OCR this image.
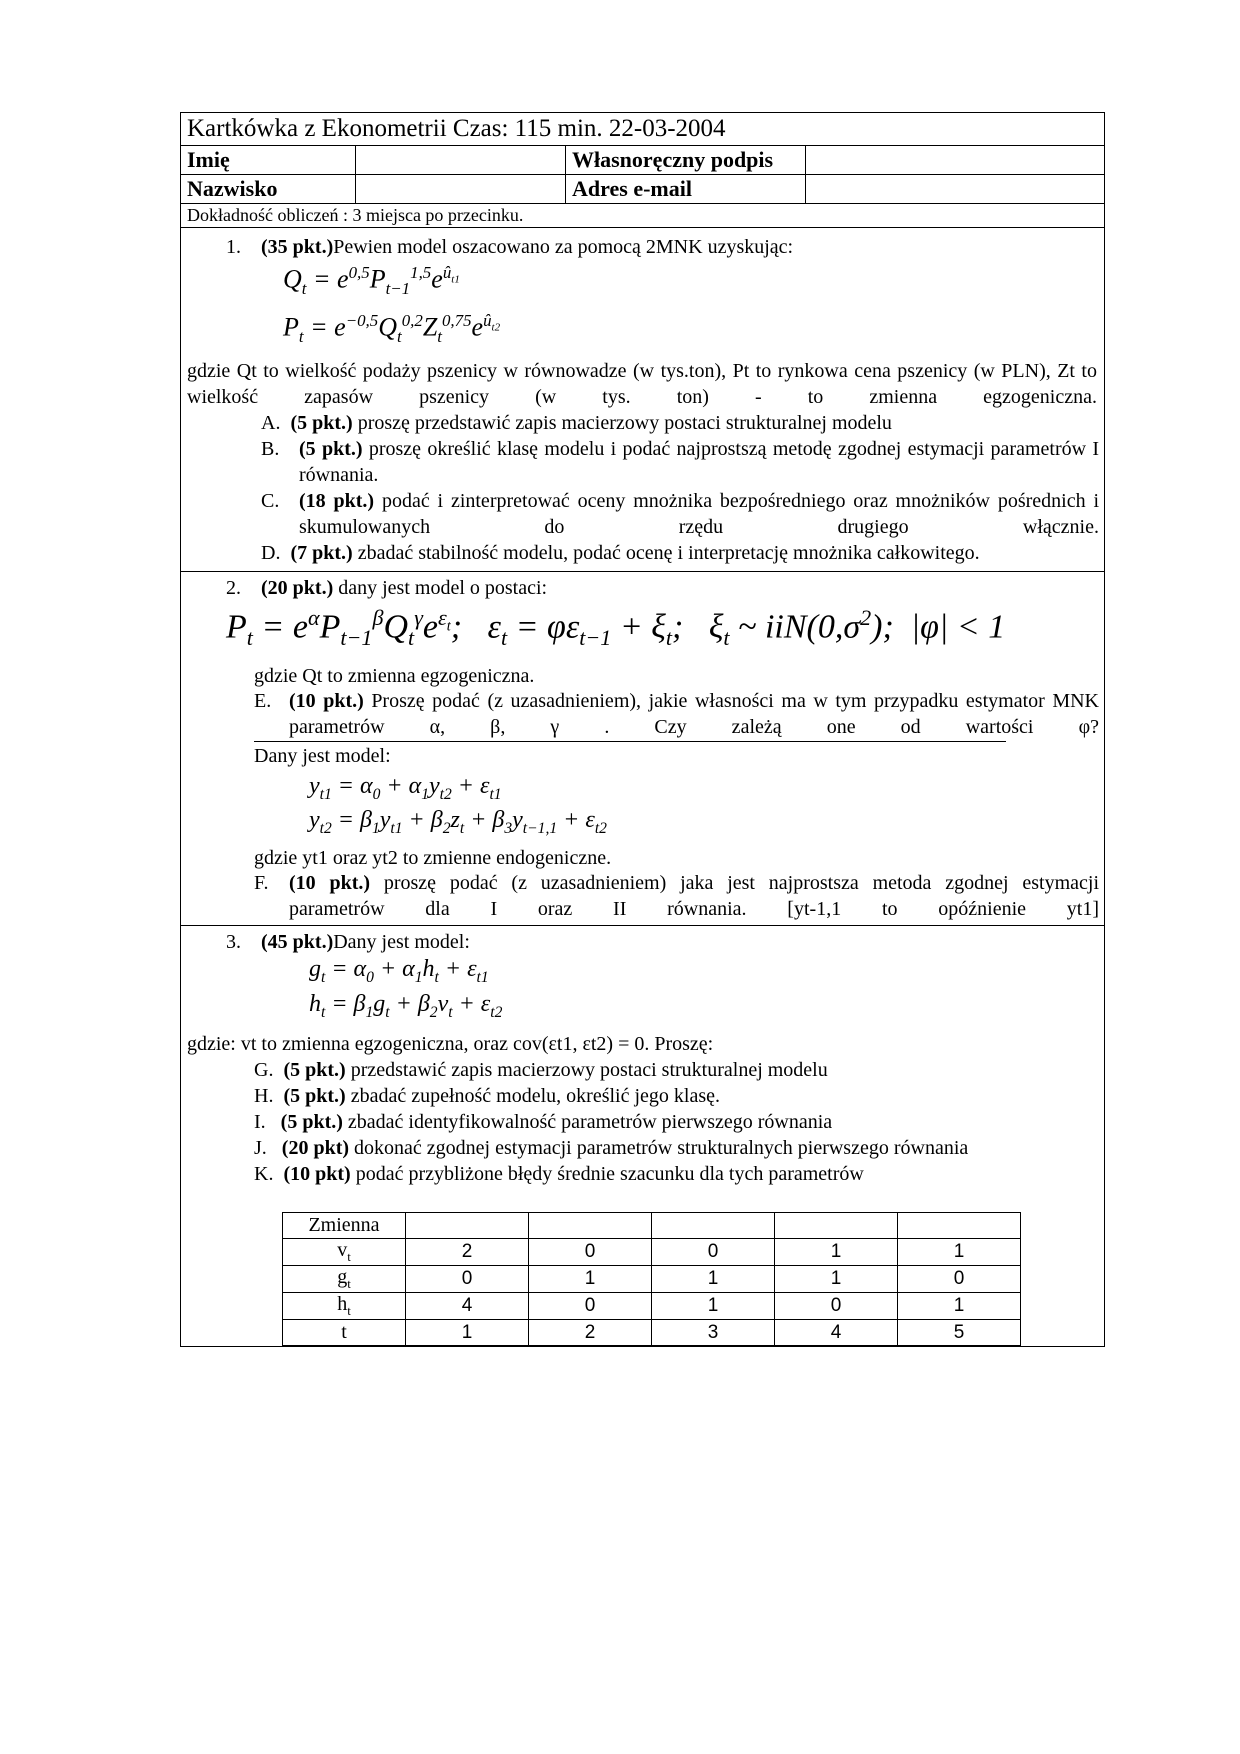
Kartkówka z Ekonometrii Czas: 115 min. 22-03-2004
Imię	Własnoręczny podpis
Nazwisko	Adres e-mail
Dokładność obliczeń : 3 miejsca po przecinku.
1. (35 pkt.)Pewien model oszacowano za pomocą 2MNK uzyskując:
$Q_t = e^{0,5}P_{t-1}^{1,5}e^{û_{t1}}$
$P_t = e^{-0,5}Q_t^{0,2}Z_t^{0,75}e^{û_{t2}}$
gdzie Qt to wielkość podaży pszenicy w równowadze (w tys.ton), Pt to rynkowa cena pszenicy (w PLN), Zt to wielkość zapasów pszenicy (w tys. ton) - to zmienna egzogeniczna.
A. (5 pkt.) proszę przedstawić zapis macierzowy postaci strukturalnej modelu
B. (5 pkt.) proszę określić klasę modelu i podać najprostszą metodę zgodnej estymacji parametrów I równania.
C. (18 pkt.) podać i zinterpretować oceny mnożnika bezpośredniego oraz mnożników pośrednich i skumulowanych do rzędu drugiego włącznie.
D. (7 pkt.) zbadać stabilność modelu, podać ocenę i interpretację mnożnika całkowitego.
2. (20 pkt.) dany jest model o postaci:
$P_t = e^\alpha P_{t-1}^\beta Q_t^\gamma e^{\varepsilon_t}$;   $\varepsilon_t = \varphi\varepsilon_{t-1} + \xi_t$;   $\xi_t$ ~ $iiN(0,\sigma^2)$;  |φ| < 1
gdzie Qt to zmienna egzogeniczna.
E. (10 pkt.) Proszę podać (z uzasadnieniem), jakie własności ma w tym przypadku estymator MNK parametrów α, β, γ . Czy zależą one od wartości φ?
Dany jest model:
$y_{t1} = \alpha_0 + \alpha_1y_{t2} + \varepsilon_{t1}$
$y_{t2} = \beta_1y_{t1} + \beta_2z_t + \beta_3y_{t-1,1} + \varepsilon_{t2}$
gdzie yt1 oraz yt2 to zmienne endogeniczne.
F. (10 pkt.) proszę podać (z uzasadnieniem) jaka jest najprostsza metoda zgodnej estymacji parametrów dla I oraz II równania. [yt-1,1 to opóźnienie yt1]
3. (45 pkt.)Dany jest model:
$g_t = \alpha_0 + \alpha_1h_t + \varepsilon_{t1}$
$h_t = \beta_1g_t + \beta_2v_t + \varepsilon_{t2}$
gdzie: vt to zmienna egzogeniczna, oraz cov(εt1, εt2) = 0. Proszę:
G. (5 pkt.) przedstawić zapis macierzowy postaci strukturalnej modelu
H. (5 pkt.) zbadać zupełność modelu, określić jego klasę.
I. (5 pkt.) zbadać identyfikowalność parametrów pierwszego równania
J. (20 pkt) dokonać zgodnej estymacji parametrów strukturalnych pierwszego równania
K. (10 pkt) podać przybliżone błędy średnie szacunku dla tych parametrów
Zmienna					
$v_t$	2	0	0	1	1
$g_t$	0	1	1	1	0
$h_t$	4	0	1	0	1
t	1	2	3	4	5
